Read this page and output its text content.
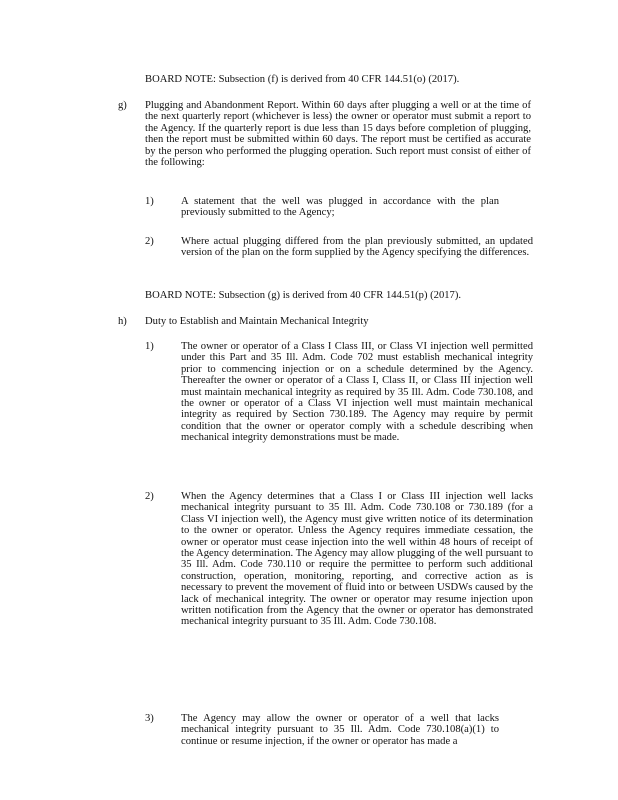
BOARD NOTE: Subsection (f) is derived from 40 CFR 144.51(o) (2017).
g) Plugging and Abandonment Report. Within 60 days after plugging a well or at the time of the next quarterly report (whichever is less) the owner or operator must submit a report to the Agency. If the quarterly report is due less than 15 days before completion of plugging, then the report must be submitted within 60 days. The report must be certified as accurate by the person who performed the plugging operation. Such report must consist of either of the following:

1)	A statement that the well was plugged in accordance with the plan previously submitted to the Agency;

2)	Where actual plugging differed from the plan previously submitted, an updated version of the plan on the form supplied by the Agency specifying the differences.

BOARD NOTE: Subsection (g) is derived from 40 CFR 144.51(p) (2017).
h) Duty to Establish and Maintain Mechanical Integrity
1)	The owner or operator of a Class I Class III, or Class VI injection well permitted under this Part and 35 Ill. Adm. Code 702 must establish mechanical integrity prior to commencing injection or on a schedule determined by the Agency. Thereafter the owner or operator of a Class I, Class II, or Class III injection well must maintain mechanical integrity as required by 35 Ill. Adm. Code 730.108, and the owner or operator of a Class VI injection well must maintain mechanical integrity as required by Section 730.189. The Agency may require by permit condition that the owner or operator comply with a schedule describing when mechanical integrity demonstrations must be made.

2)	When the Agency determines that a Class I or Class III injection well lacks mechanical integrity pursuant to 35 Ill. Adm. Code 730.108 or 730.189 (for a Class VI injection well), the Agency must give written notice of its determination to the owner or operator. Unless the Agency requires immediate cessation, the owner or operator must cease injection into the well within 48 hours of receipt of the Agency determination. The Agency may allow plugging of the well pursuant to 35 Ill. Adm. Code 730.110 or require the permittee to perform such additional construction, operation, monitoring, reporting, and corrective action as is necessary to prevent the movement of fluid into or between USDWs caused by the lack of mechanical integrity. The owner or operator may resume injection upon written notification from the Agency that the owner or operator has demonstrated mechanical integrity pursuant to 35 Ill. Adm. Code 730.108.

3)	The Agency may allow the owner or operator of a well that lacks mechanical integrity pursuant to 35 Ill. Adm. Code 730.108(a)(1) to continue or resume injection, if the owner or operator has made a
